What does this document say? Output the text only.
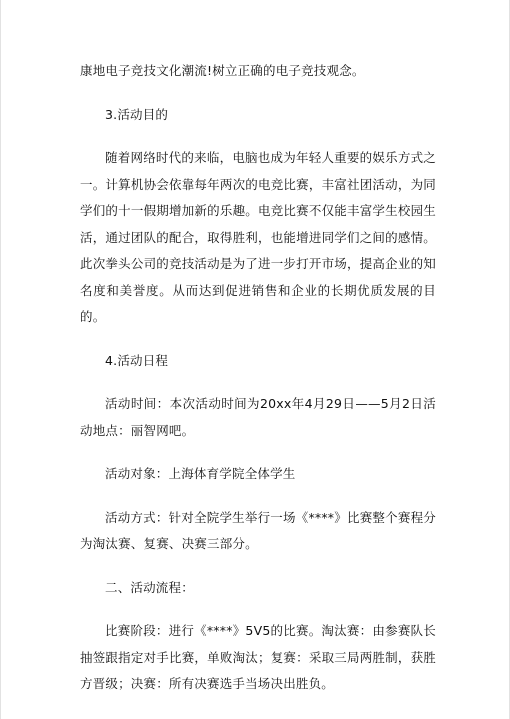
康地电子竞技文化潮流!树立正确的电子竞技观念。

3.活动目的

随着网络时代的来临，电脑也成为年轻人重要的娱乐方式之一。计算机协会依靠每年两次的电竞比赛，丰富社团活动，为同学们的十一假期增加新的乐趣。电竞比赛不仅能丰富学生校园生活，通过团队的配合，取得胜利，也能增进同学们之间的感情。此次拳头公司的竞技活动是为了进一步打开市场，提高企业的知名度和美誉度。从而达到促进销售和企业的长期优质发展的目的。

4.活动日程

活动时间：本次活动时间为20xx年4月29日——5月2日活动地点：丽智网吧。

活动对象：上海体育学院全体学生

活动方式：针对全院学生举行一场《****》比赛整个赛程分为淘汰赛、复赛、决赛三部分。

二、活动流程：

比赛阶段：进行《****》5V5的比赛。淘汰赛：由参赛队长抽签跟指定对手比赛，单败淘汰；复赛：采取三局两胜制，获胜方晋级；决赛：所有决赛选手当场决出胜负。
